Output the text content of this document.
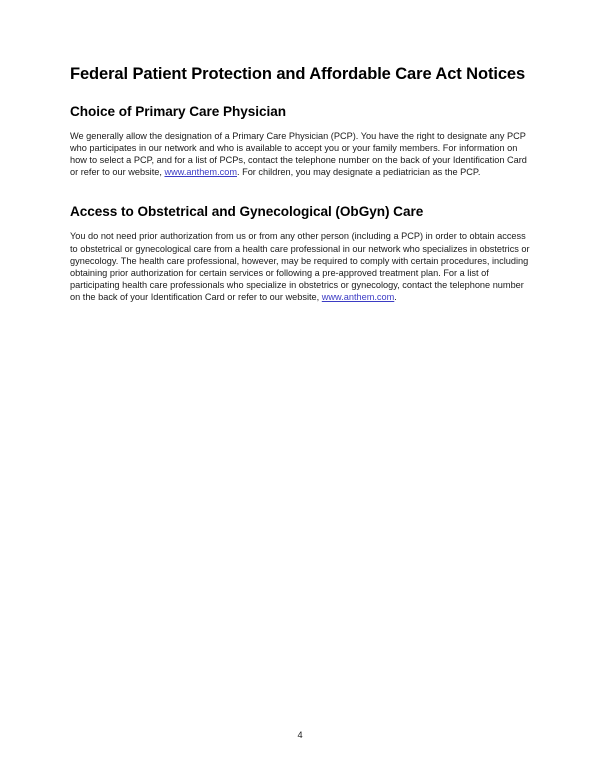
Federal Patient Protection and Affordable Care Act Notices
Choice of Primary Care Physician

We generally allow the designation of a Primary Care Physician (PCP). You have the right to designate any PCP who participates in our network and who is available to accept you or your family members. For information on how to select a PCP, and for a list of PCPs, contact the telephone number on the back of your Identification Card or refer to our website, www.anthem.com. For children, you may designate a pediatrician as the PCP.

Access to Obstetrical and Gynecological (ObGyn) Care

You do not need prior authorization from us or from any other person (including a PCP) in order to obtain access to obstetrical or gynecological care from a health care professional in our network who specializes in obstetrics or gynecology. The health care professional, however, may be required to comply with certain procedures, including obtaining prior authorization for certain services or following a pre-approved treatment plan. For a list of participating health care professionals who specialize in obstetrics or gynecology, contact the telephone number on the back of your Identification Card or refer to our website, www.anthem.com.

4
